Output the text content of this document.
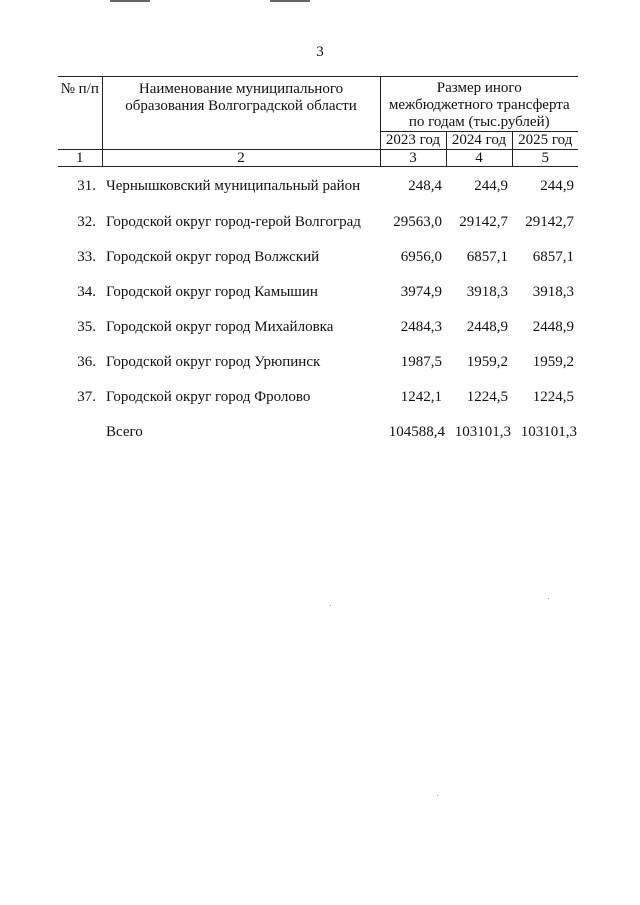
3
№ п/п	Наименование муниципального образования Волгоградской области	Размер иного межбюджетного трансферта по годам (тыс.рублей)		
		2023 год	2024 год	2025 год
1	2	3	4	5
31.	Чернышковский муниципальный район	248,4	244,9	244,9
32.	Городской округ город-герой Волгоград	29563,0	29142,7	29142,7
33.	Городской округ город Волжский	6956,0	6857,1	6857,1
34.	Городской округ город Камышин	3974,9	3918,3	3918,3
35.	Городской округ город Михайловка	2484,3	2448,9	2448,9
36.	Городской округ город Урюпинск	1987,5	1959,2	1959,2
37.	Городской округ город Фролово	1242,1	1224,5	1224,5
	Всего	104588,4	103101,3	103101,3
